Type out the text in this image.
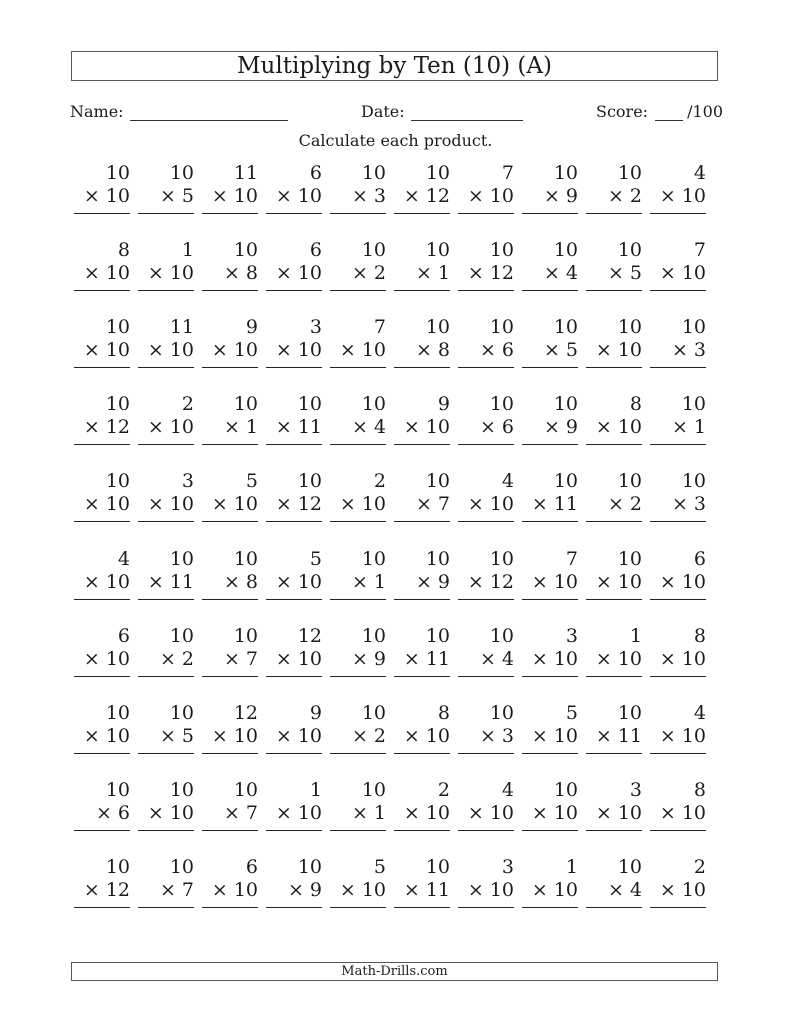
Multiplying by Ten (10) (A)
Name:	Date:	Score: /100
Calculate each product.
10
× 10
10
× 5
11
× 10
6
× 10
10
× 3
10
× 12
7
× 10
10
× 9
10
× 2
4
× 10
8
× 10
1
× 10
10
× 8
6
× 10
10
× 2
10
× 1
10
× 12
10
× 4
10
× 5
7
× 10
10
× 10
11
× 10
9
× 10
3
× 10
7
× 10
10
× 8
10
× 6
10
× 5
10
× 10
10
× 3
10
× 12
2
× 10
10
× 1
10
× 11
10
× 4
9
× 10
10
× 6
10
× 9
8
× 10
10
× 1
10
× 10
3
× 10
5
× 10
10
× 12
2
× 10
10
× 7
4
× 10
10
× 11
10
× 2
10
× 3
4
× 10
10
× 11
10
× 8
5
× 10
10
× 1
10
× 9
10
× 12
7
× 10
10
× 10
6
× 10
6
× 10
10
× 2
10
× 7
12
× 10
10
× 9
10
× 11
10
× 4
3
× 10
1
× 10
8
× 10
10
× 10
10
× 5
12
× 10
9
× 10
10
× 2
8
× 10
10
× 3
5
× 10
10
× 11
4
× 10
10
× 6
10
× 10
10
× 7
1
× 10
10
× 1
2
× 10
4
× 10
10
× 10
3
× 10
8
× 10
10
× 12
10
× 7
6
× 10
10
× 9
5
× 10
10
× 11
3
× 10
1
× 10
10
× 4
2
× 10
Math-Drills.com
